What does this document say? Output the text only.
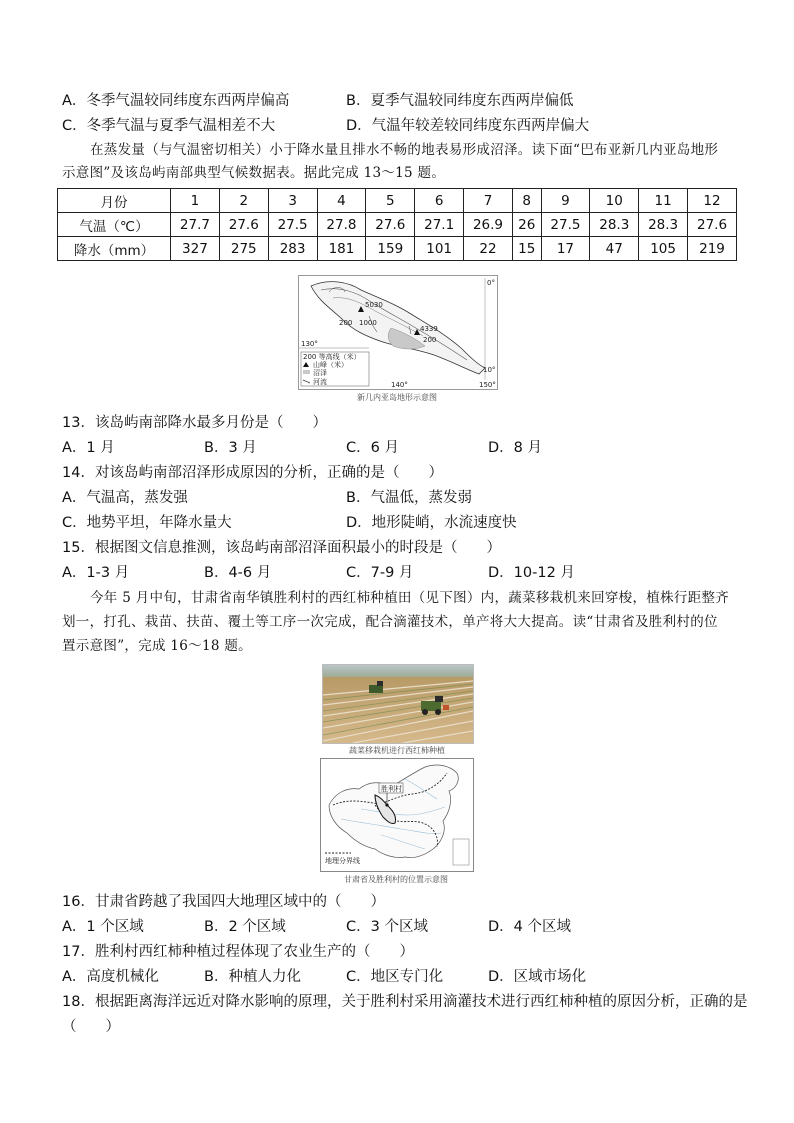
A．冬季气温较同纬度东西两岸偏高	B．夏季气温较同纬度东西两岸偏低
C．冬季气温与夏季气温相差不大	D．气温年较差较同纬度东西两岸偏大
在蒸发量（与气温密切相关）小于降水量且排水不畅的地表易形成沼泽。读下面“巴布亚新几内亚岛地形
示意图”及该岛屿南部典型气候数据表。据此完成 13～15 题。
月份	1	2	3	4	5	6	7	8	9	10	11	12
气温（℃）	27.7	27.6	27.5	27.8	27.6	27.1	26.9	26	27.5	28.3	28.3	27.6
降水（mm）	327	275	283	181	159	101	22	15	17	47	105	219
5030
4339
200 1000
200
0°
10°
130°
140°	150°
200 等高线（米）
山峰（米）
沼泽
河流
新几内亚岛地形示意图
13．该岛屿南部降水最多月份是（　　）
A．1 月	B．3 月	C．6 月	D．8 月
14．对该岛屿南部沼泽形成原因的分析，正确的是（　　）
A．气温高，蒸发强	B．气温低，蒸发弱
C．地势平坦，年降水量大	D．地形陡峭，水流速度快
15．根据图文信息推测，该岛屿南部沼泽面积最小的时段是（　　）
A．1-3 月	B．4-6 月	C．7-9 月	D．10-12 月
今年 5 月中旬，甘肃省南华镇胜利村的西红柿种植田（见下图）内，蔬菜移栽机来回穿梭，植株行距整齐
划一，打孔、栽苗、扶苗、覆土等工序一次完成，配合滴灌技术，单产将大大提高。读“甘肃省及胜利村的位
置示意图”，完成 16～18 题。
蔬菜移栽机进行西红柿种植
胜利村
地理分界线
甘肃省及胜利村的位置示意图
16．甘肃省跨越了我国四大地理区域中的（　　）
A．1 个区域	B．2 个区域	C．3 个区域	D．4 个区域
17．胜利村西红柿种植过程体现了农业生产的（　　）
A．高度机械化	B．种植人力化	C．地区专门化	D．区域市场化
18．根据距离海洋远近对降水影响的原理，关于胜利村采用滴灌技术进行西红柿种植的原因分析，正确的是
（　　）
